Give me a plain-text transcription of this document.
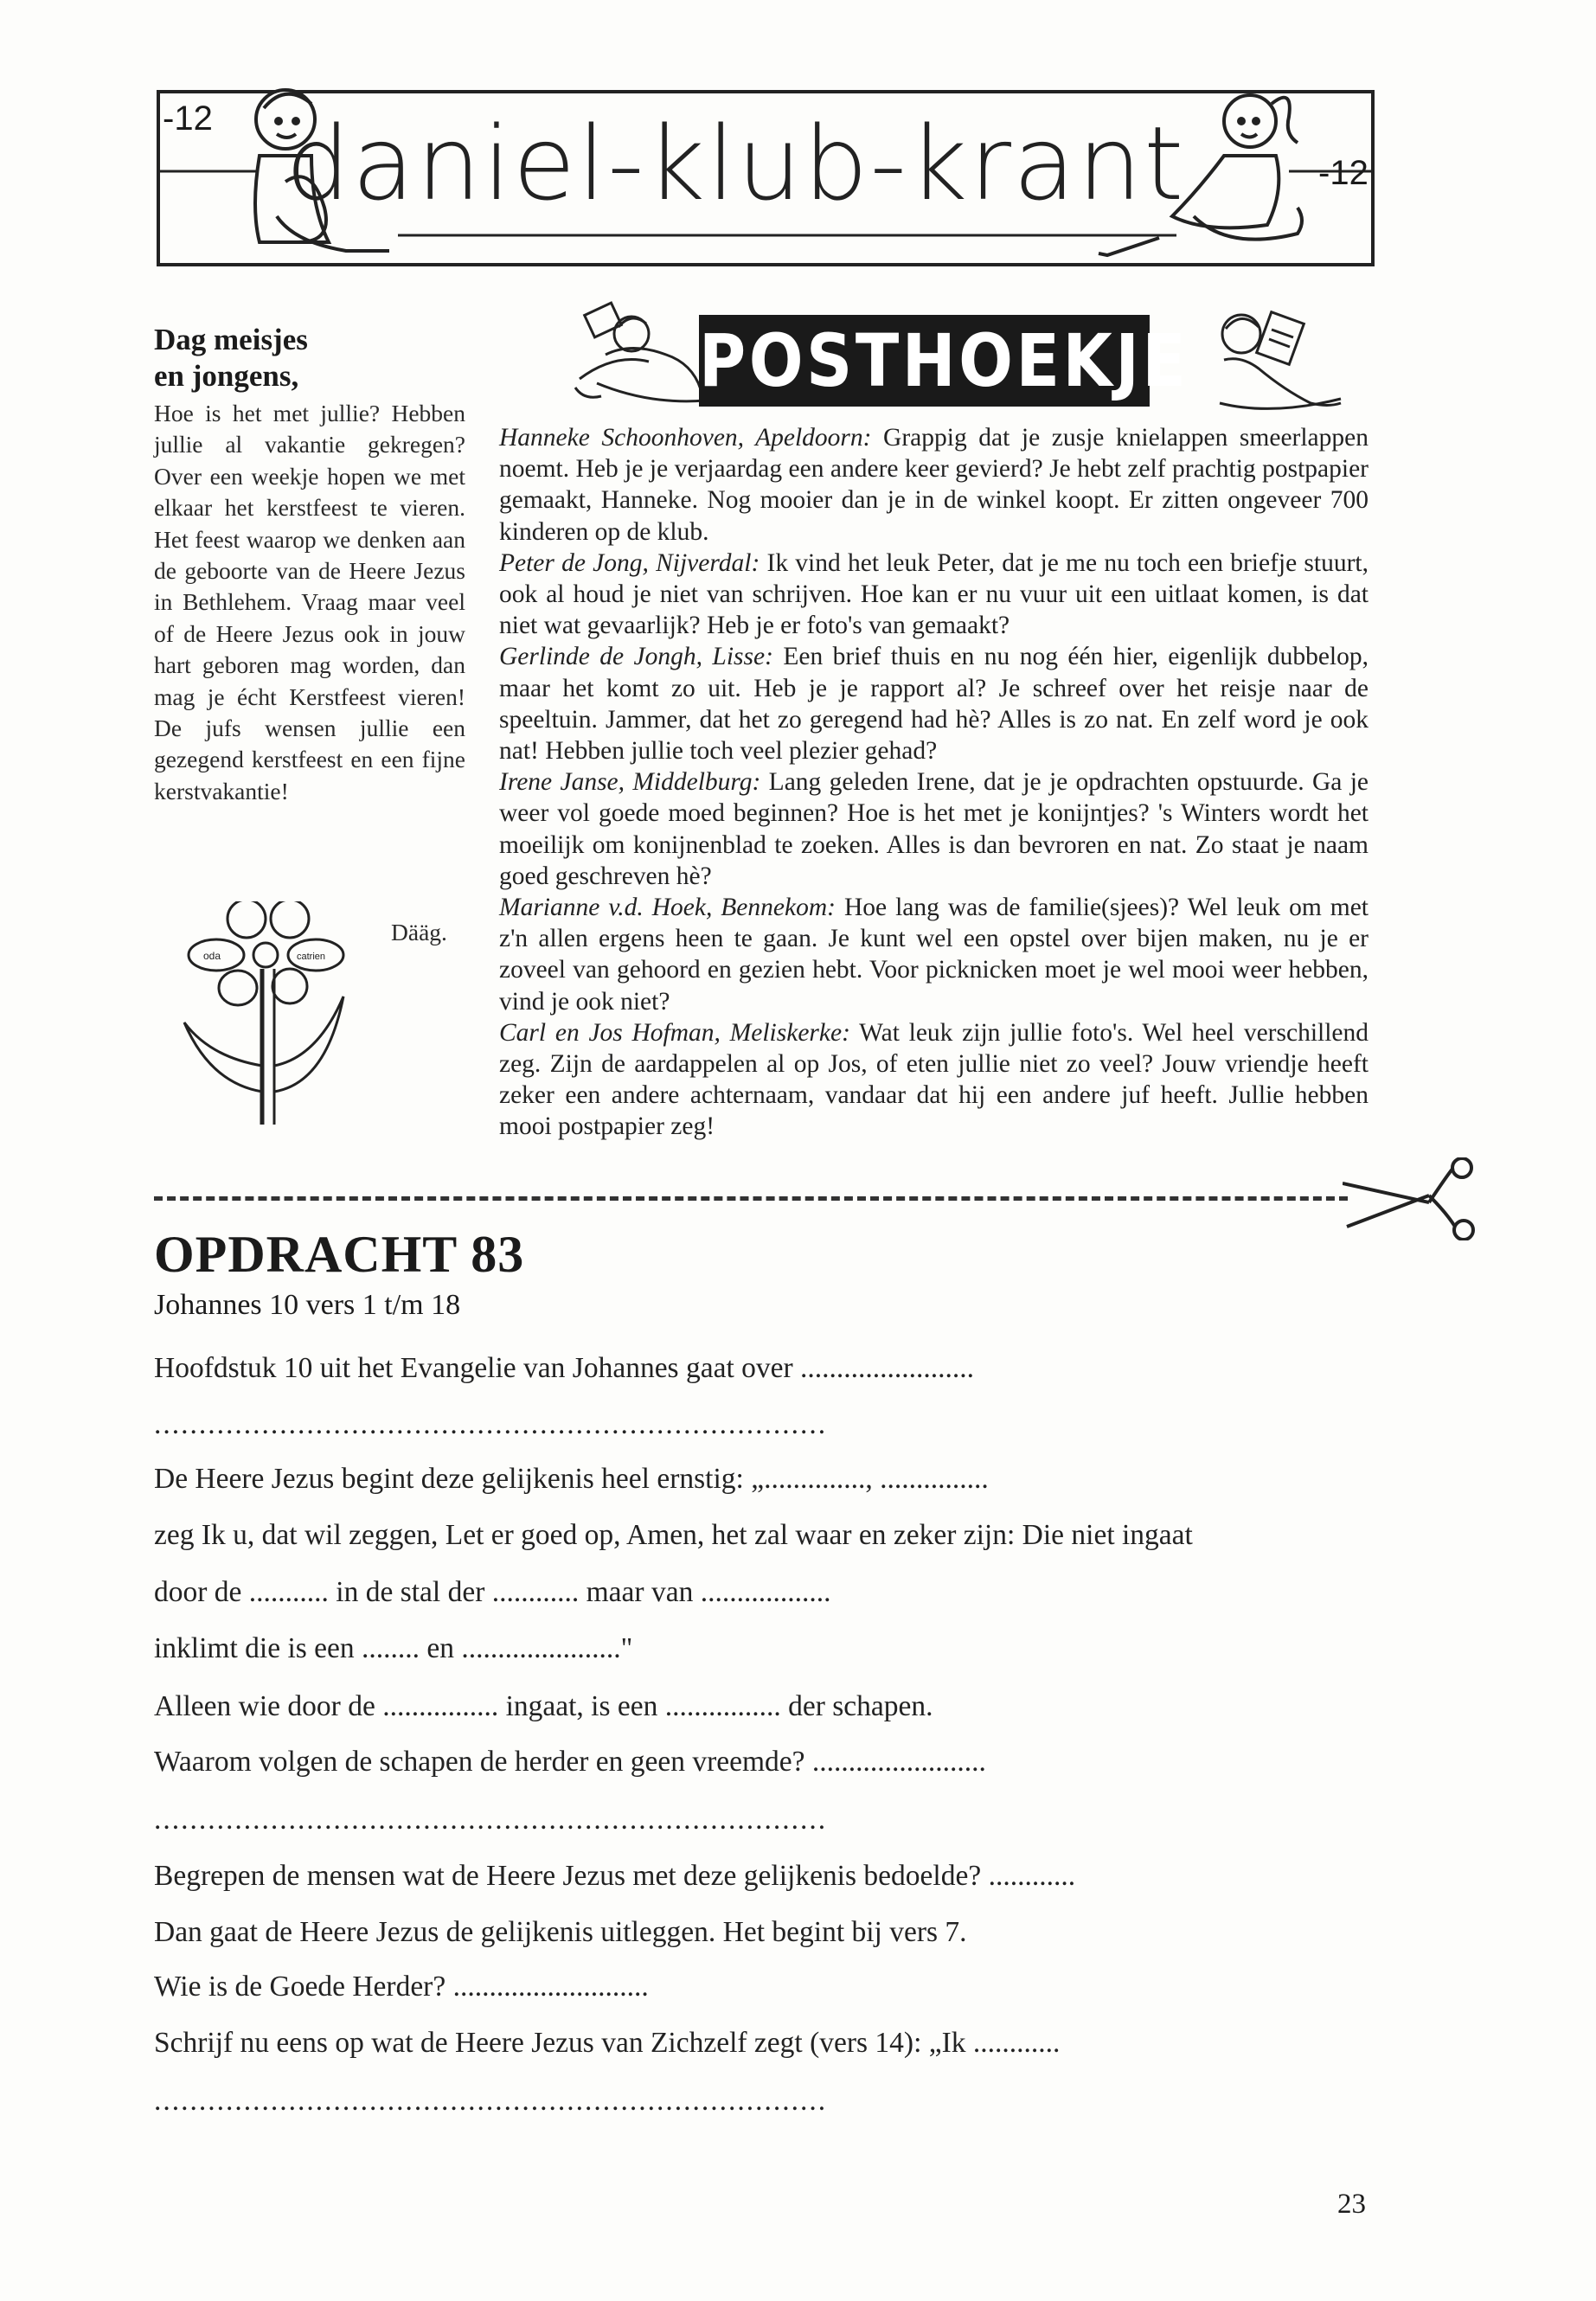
-12 daniel-klub-krant	-12
Dag meisjes
en jongens,
Hoe is het met jullie? Hebben jullie al vakantie gekregen? Over een weekje hopen we met elkaar het kerstfeest te vieren. Het feest waarop we denken aan de geboorte van de Heere Jezus in Bethlehem. Vraag maar veel of de Heere Jezus ook in jouw hart geboren mag worden, dan mag je écht Kerstfeest vieren! De jufs wensen jullie een gezegend kerstfeest en een fijne kerstvakantie!
oda	catrien
Dääg.
POSTHOEKJE

Hanneke Schoonhoven, Apeldoorn: Grappig dat je zusje knielappen smeerlappen noemt. Heb je je verjaardag een andere keer gevierd? Je hebt zelf prachtig postpapier gemaakt, Hanneke. Nog mooier dan je in de winkel koopt. Er zitten ongeveer 700 kinderen op de klub.

Peter de Jong, Nijverdal: Ik vind het leuk Peter, dat je me nu toch een briefje stuurt, ook al houd je niet van schrijven. Hoe kan er nu vuur uit een uitlaat komen, is dat niet wat gevaarlijk? Heb je er foto's van gemaakt?

Gerlinde de Jongh, Lisse: Een brief thuis en nu nog één hier, eigenlijk dubbelop, maar het komt zo uit. Heb je je rapport al? Je schreef over het reisje naar de speeltuin. Jammer, dat het zo geregend had hè? Alles is zo nat. En zelf word je ook nat! Hebben jullie toch veel plezier gehad?

Irene Janse, Middelburg: Lang geleden Irene, dat je je opdrachten opstuurde. Ga je weer vol goede moed beginnen? Hoe is het met je konijntjes? 's Winters wordt het moeilijk om konijnenblad te zoeken. Alles is dan bevroren en nat. Zo staat je naam goed geschreven hè?

Marianne v.d. Hoek, Bennekom: Hoe lang was de familie(sjees)? Wel leuk om met z'n allen ergens heen te gaan. Je kunt wel een opstel over bijen maken, nu je er zoveel van gehoord en gezien hebt. Voor picknicken moet je wel mooi weer hebben, vind je ook niet?

Carl en Jos Hofman, Meliskerke: Wat leuk zijn jullie foto's. Wel heel verschillend zeg. Zijn de aardappelen al op Jos, of eten jullie niet zo veel? Jouw vriendje heeft zeker een andere achternaam, vandaar dat hij een andere juf heeft. Jullie hebben mooi postpapier zeg!

OPDRACHT 83
Johannes 10 vers 1 t/m 18
Hoofdstuk 10 uit het Evangelie van Johannes gaat over ........................
...........................................................................
De Heere Jezus begint deze gelijkenis heel ernstig: „.............., ...............
zeg Ik u, dat wil zeggen, Let er goed op, Amen, het zal waar en zeker zijn: Die niet ingaat
door de ........... in de stal der ............ maar van ..................
inklimt die is een ........ en ......................"
Alleen wie door de ................ ingaat, is een ................ der schapen.
Waarom volgen de schapen de herder en geen vreemde? ........................
...........................................................................
Begrepen de mensen wat de Heere Jezus met deze gelijkenis bedoelde? ............
Dan gaat de Heere Jezus de gelijkenis uitleggen. Het begint bij vers 7.
Wie is de Goede Herder? ...........................
Schrijf nu eens op wat de Heere Jezus van Zichzelf zegt (vers 14): „Ik ............
...........................................................................
23
